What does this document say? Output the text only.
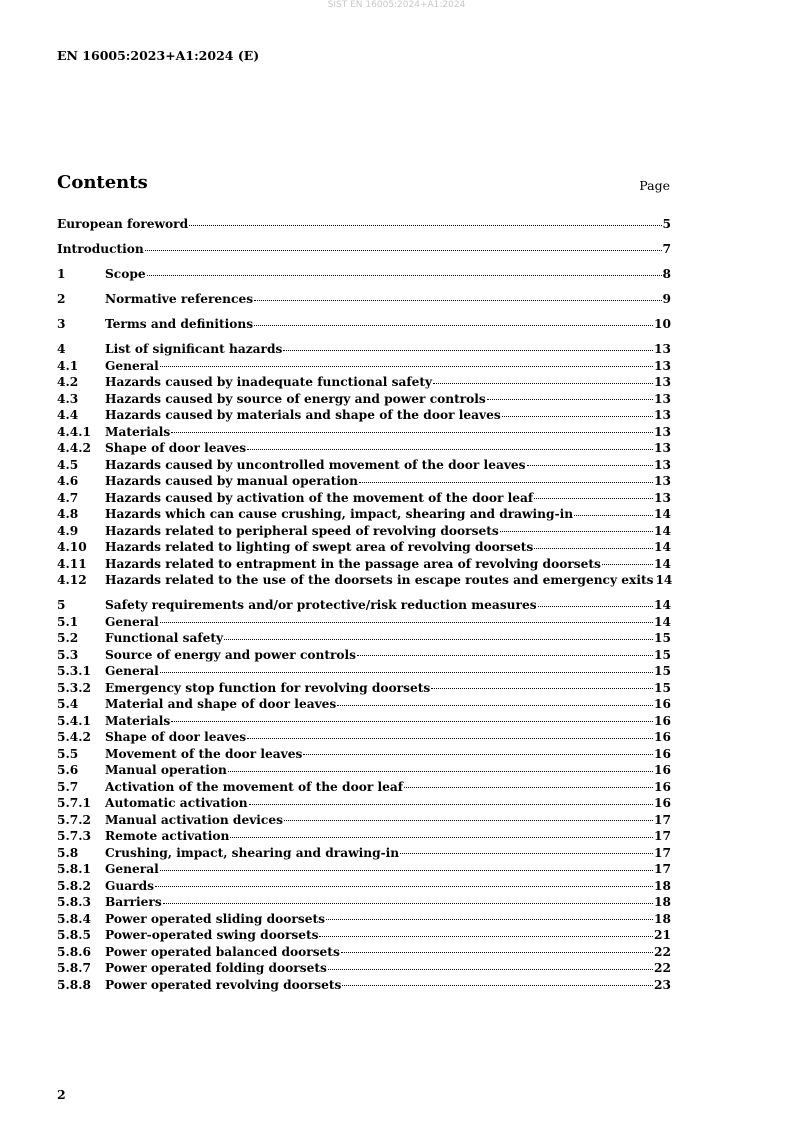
SIST EN 16005:2024+A1:2024
EN 16005:2023+A1:2024 (E)
Contents	Page
European foreword	5
Introduction	7
1	Scope	8
2	Normative references	9
3	Terms and definitions	10
4	List of significant hazards	13
4.1	General	13
4.2	Hazards caused by inadequate functional safety	13
4.3	Hazards caused by source of energy and power controls	13
4.4	Hazards caused by materials and shape of the door leaves	13
4.4.1	Materials	13
4.4.2	Shape of door leaves	13
4.5	Hazards caused by uncontrolled movement of the door leaves	13
4.6	Hazards caused by manual operation	13
4.7	Hazards caused by activation of the movement of the door leaf	13
4.8	Hazards which can cause crushing, impact, shearing and drawing-in	14
4.9	Hazards related to peripheral speed of revolving doorsets	14
4.10	Hazards related to lighting of swept area of revolving doorsets	14
4.11	Hazards related to entrapment in the passage area of revolving doorsets	14
4.12	Hazards related to the use of the doorsets in escape routes and emergency exits 14
5	Safety requirements and/or protective/risk reduction measures	14
5.1	General	14
5.2	Functional safety	15
5.3	Source of energy and power controls	15
5.3.1	General	15
5.3.2	Emergency stop function for revolving doorsets	15
5.4	Material and shape of door leaves	16
5.4.1	Materials	16
5.4.2	Shape of door leaves	16
5.5	Movement of the door leaves	16
5.6	Manual operation	16
5.7	Activation of the movement of the door leaf	16
5.7.1	Automatic activation	16
5.7.2	Manual activation devices	17
5.7.3	Remote activation	17
5.8	Crushing, impact, shearing and drawing-in	17
5.8.1	General	17
5.8.2	Guards	18
5.8.3	Barriers	18
5.8.4	Power operated sliding doorsets	18
5.8.5	Power-operated swing doorsets	21
5.8.6	Power operated balanced doorsets	22
5.8.7	Power operated folding doorsets	22
5.8.8	Power operated revolving doorsets	23
2
